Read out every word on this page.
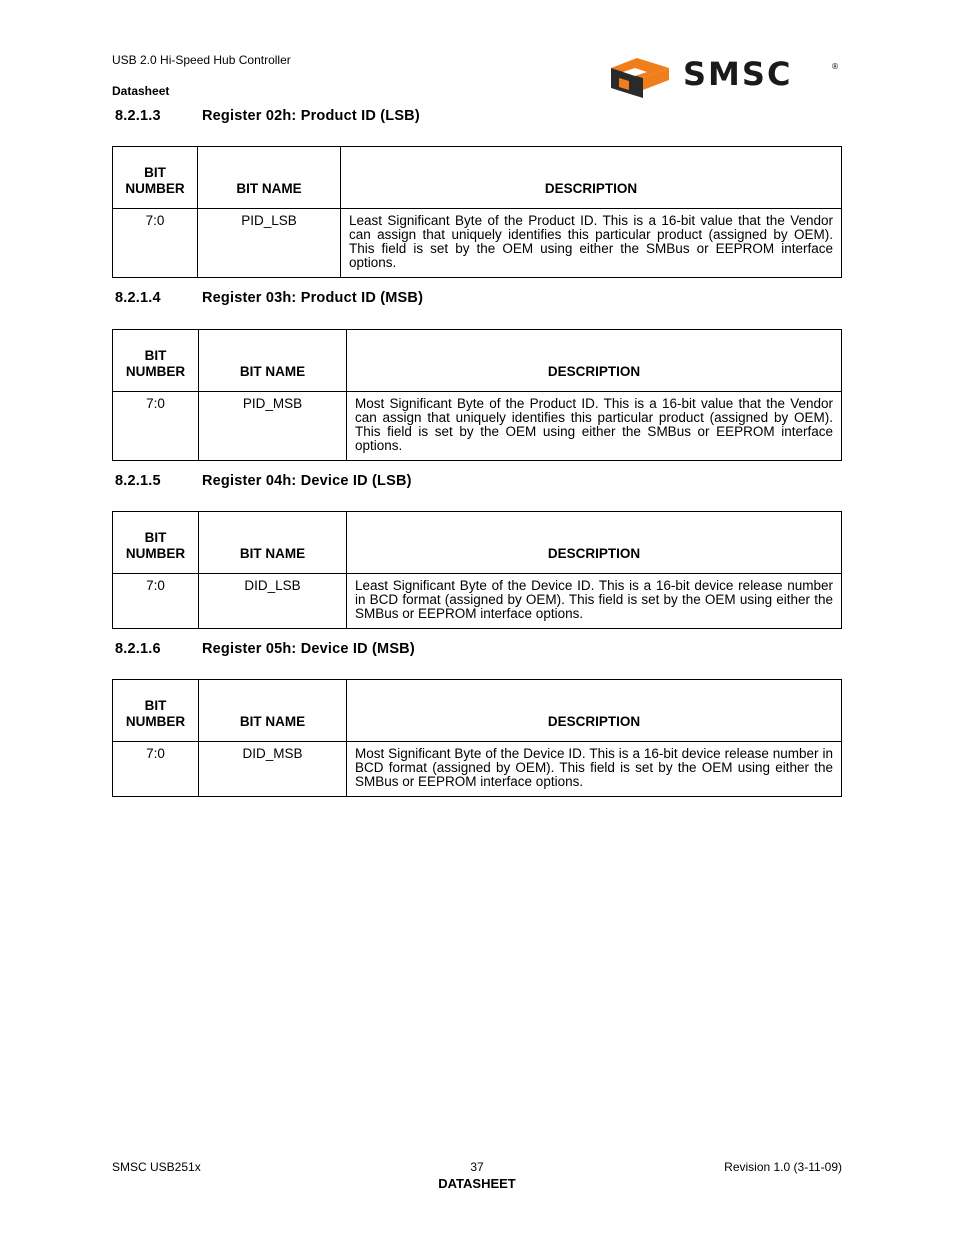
USB 2.0 Hi-Speed Hub Controller
Datasheet	SMSC	®
8.2.1.3	Register 02h: Product ID (LSB)
BIT
NUMBER	BIT NAME	DESCRIPTION
7:0	PID_LSB	Least Significant Byte of the Product ID. This is a 16-bit value that the Vendor can assign that uniquely identifies this particular product (assigned by OEM). This field is set by the OEM using either the SMBus or EEPROM interface options.
8.2.1.4	Register 03h: Product ID (MSB)
BIT
NUMBER	BIT NAME	DESCRIPTION
7:0	PID_MSB	Most Significant Byte of the Product ID. This is a 16-bit value that the Vendor can assign that uniquely identifies this particular product (assigned by OEM). This field is set by the OEM using either the SMBus or EEPROM interface options.
8.2.1.5	Register 04h: Device ID (LSB)
BIT
NUMBER	BIT NAME	DESCRIPTION
7:0	DID_LSB	Least Significant Byte of the Device ID. This is a 16-bit device release number in BCD format (assigned by OEM). This field is set by the OEM using either the SMBus or EEPROM interface options.
8.2.1.6	Register 05h: Device ID (MSB)
BIT
NUMBER	BIT NAME	DESCRIPTION
7:0	DID_MSB	Most Significant Byte of the Device ID. This is a 16-bit device release number in BCD format (assigned by OEM). This field is set by the OEM using either the SMBus or EEPROM interface options.
SMSC USB251x	37	Revision 1.0 (3-11-09)
DATASHEET
